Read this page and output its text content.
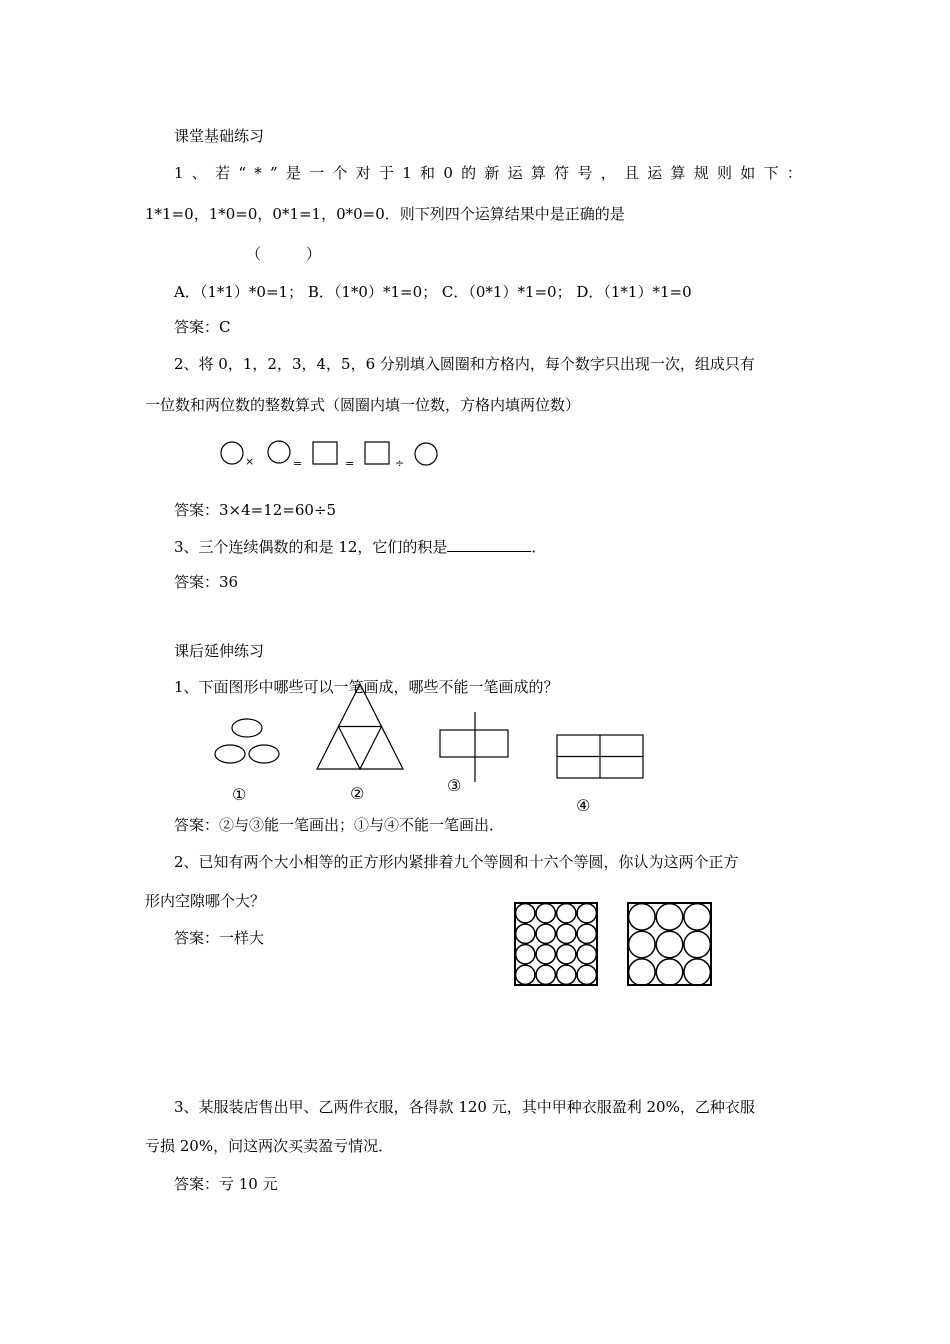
课堂基础练习
1 、 若 “ * ” 是 一 个 对 于 1 和 0 的 新 运 算 符 号 ， 且 运 算 规 则 如 下 ：
1*1=0，1*0=0，0*1=1，0*0=0．则下列四个运算结果中是正确的是
（　　　）
A．（1*1）*0=1； B．（1*0）*1=0； C．（0*1）*1=0； D．（1*1）*1=0
答案：C
2、将 0，1，2，3，4，5，6 分别填入圆圈和方格内，每个数字只出现一次，组成只有
一位数和两位数的整数算式（圆圈内填一位数，方格内填两位数）
×	=	=	÷
答案：3×4=12=60÷5
3、三个连续偶数的和是 12，它们的积是	．
答案：36
课后延伸练习
1、下面图形中哪些可以一笔画成，哪些不能一笔画成的？
①	②	③
④
答案：②与③能一笔画出；①与④不能一笔画出．
2、已知有两个大小相等的正方形内紧排着九个等圆和十六个等圆，你认为这两个正方
形内空隙哪个大？
答案：一样大
3、某服装店售出甲、乙两件衣服，各得款 120 元，其中甲种衣服盈利 20%，乙种衣服
亏损 20%，问这两次买卖盈亏情况．
答案：亏 10 元
